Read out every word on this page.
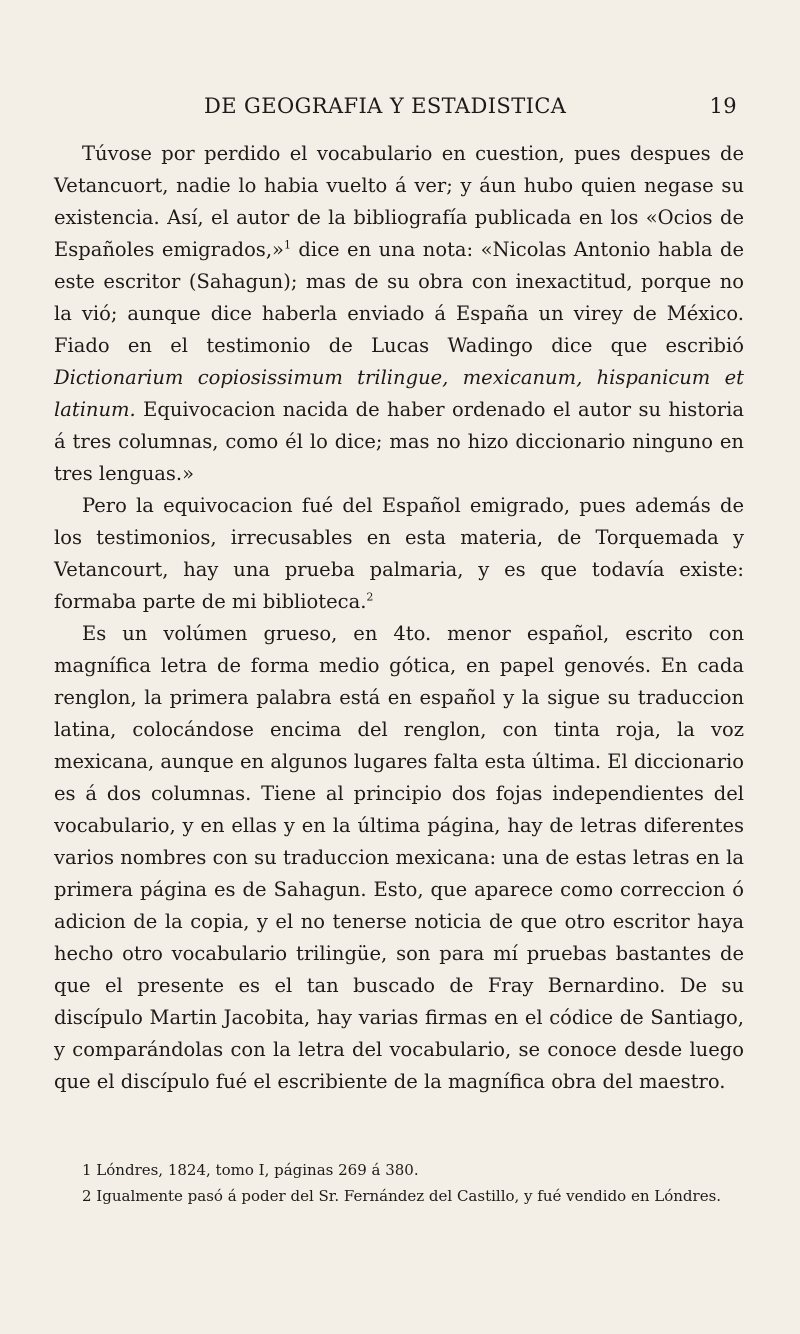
DE GEOGRAFIA Y ESTADISTICA	19

Túvose por perdido el vocabulario en cuestion, pues despues de Vetancuort, nadie lo habia vuelto á ver; y áun hubo quien negase su existencia. Así, el autor de la bibliografía publicada en los «Ocios de Españoles emigrados,»$^1$ dice en una nota: «Nicolas Antonio habla de este escritor (Sahagun); mas de su obra con inexactitud, porque no la vió; aunque dice haberla enviado á España un virey de México. Fiado en el testimonio de Lucas Wadingo dice que escribió Dictionarium copiosissimum trilingue, mexicanum, hispanicum et latinum. Equivocacion nacida de haber ordenado el autor su historia á tres columnas, como él lo dice; mas no hizo diccionario ninguno en tres lenguas.»

Pero la equivocacion fué del Español emigrado, pues además de los testimonios, irrecusables en esta materia, de Torquemada y Vetancourt, hay una prueba palmaria, y es que todavía existe: formaba parte de mi biblioteca.$^2$

Es un volúmen grueso, en 4to. menor español, escrito con magnífica letra de forma medio gótica, en papel genovés. En cada renglon, la primera palabra está en español y la sigue su traduccion latina, colocándose encima del renglon, con tinta roja, la voz mexicana, aunque en algunos lugares falta esta última. El diccionario es á dos columnas. Tiene al principio dos fojas independientes del vocabulario, y en ellas y en la última página, hay de letras diferentes varios nombres con su traduccion mexicana: una de estas letras en la primera página es de Sahagun. Esto, que aparece como correccion ó adicion de la copia, y el no tenerse noticia de que otro escritor haya hecho otro vocabulario trilingüe, son para mí pruebas bastantes de que el presente es el tan buscado de Fray Bernardino. De su discípulo Martin Jacobita, hay varias firmas en el códice de Santiago, y comparándolas con la letra del vocabulario, se conoce desde luego que el discípulo fué el escribiente de la magnífica obra del maestro.

1 Lóndres, 1824, tomo I, páginas 269 á 380.

2 Igualmente pasó á poder del Sr. Fernández del Castillo, y fué vendido en Lóndres.
